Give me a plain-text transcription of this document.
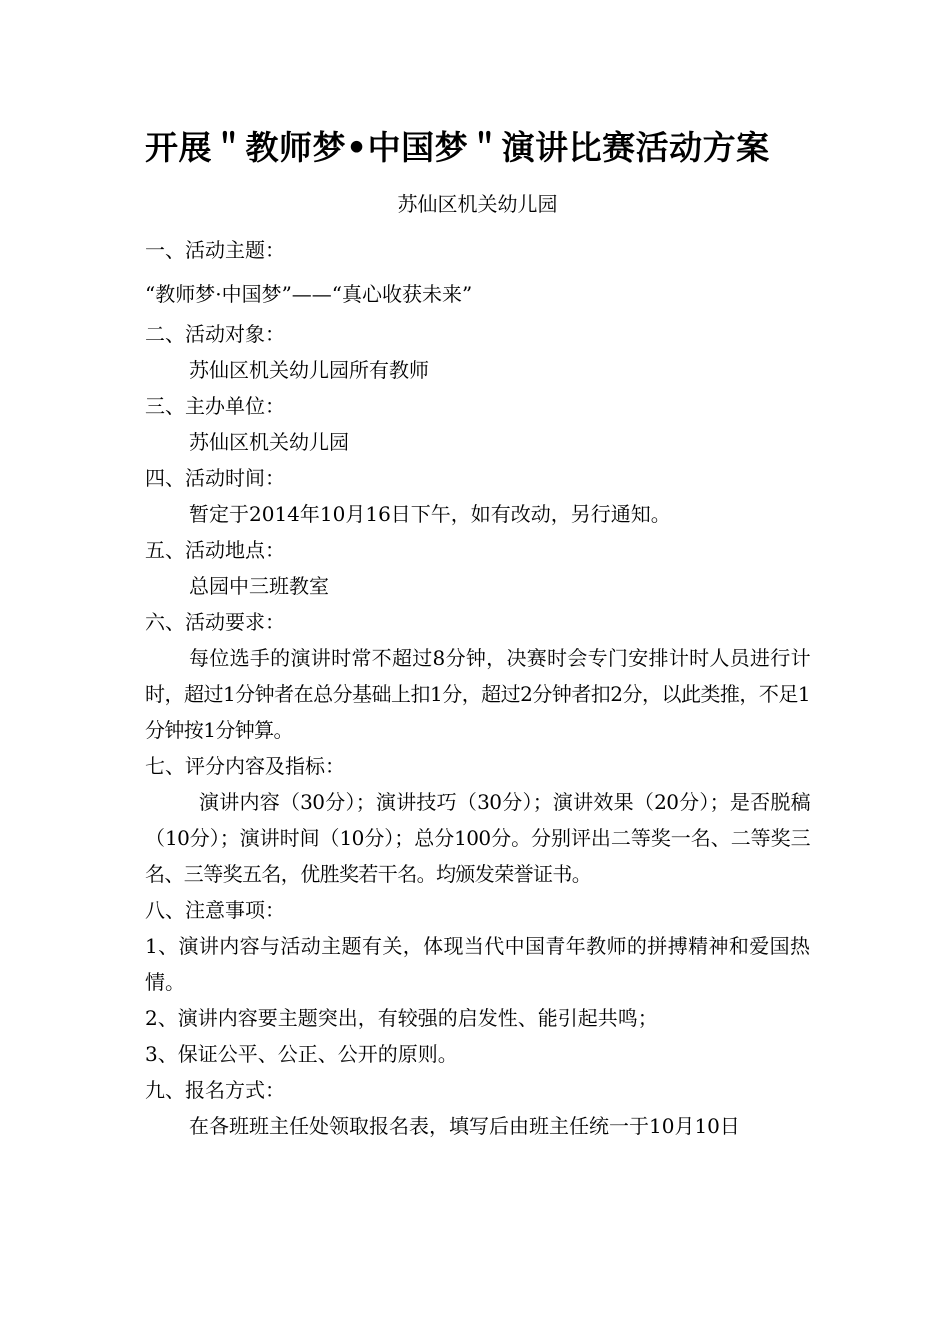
开展＂教师梦•中国梦＂演讲比赛活动方案

苏仙区机关幼儿园

一、活动主题：

“教师梦·中国梦”——“真心收获未来”

二、活动对象：

苏仙区机关幼儿园所有教师

三、主办单位：

苏仙区机关幼儿园

四、活动时间：

暂定于2014年10月16日下午，如有改动，另行通知。

五、活动地点：

总园中三班教室

六、活动要求：

每位选手的演讲时常不超过8分钟，决赛时会专门安排计时人员进行计时，超过1分钟者在总分基础上扣1分，超过2分钟者扣2分，以此类推，不足1分钟按1分钟算。

七、评分内容及指标：

演讲内容（30分）；演讲技巧（30分）；演讲效果（20分）；是否脱稿（10分）；演讲时间（10分）；总分100分。分别评出二等奖一名、二等奖三名、三等奖五名，优胜奖若干名。均颁发荣誉证书。

八、注意事项：

1、演讲内容与活动主题有关，体现当代中国青年教师的拼搏精神和爱国热情。

2、演讲内容要主题突出，有较强的启发性、能引起共鸣；

3、保证公平、公正、公开的原则。

九、报名方式：

在各班班主任处领取报名表，填写后由班主任统一于10月10日
